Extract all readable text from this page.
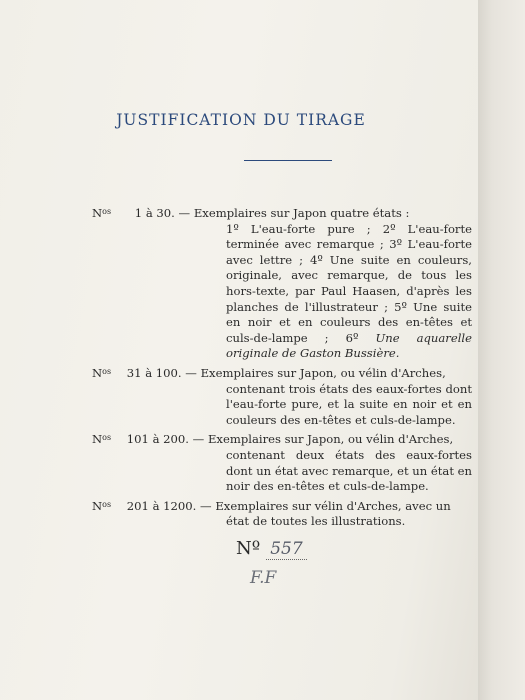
JUSTIFICATION DU TIRAGE
$N^{os}$ 1 à 30. — Exemplaires sur Japon quatre états :
1º L'eau-forte pure ; 2º L'eau-forte terminée avec remarque ; 3º L'eau-forte avec lettre ; 4º Une suite en couleurs, originale, avec remarque, de tous les hors-texte, par Paul Haasen, d'après les planches de l'illustrateur ; 5º Une suite en noir et en couleurs des en-têtes et culs-de-lampe ; 6º Une aquarelle originale de Gaston Bussière.
$N^{os}$ 31 à 100. — Exemplaires sur Japon, ou vélin d'Arches,
contenant trois états des eaux-fortes dont l'eau-forte pure, et la suite en noir et en couleurs des en-têtes et culs-de-lampe.
$N^{os}$ 101 à 200. — Exemplaires sur Japon, ou vélin d'Arches,
contenant deux états des eaux-fortes dont un état avec remarque, et un état en noir des en-têtes et culs-de-lampe.
$N^{os}$ 201 à 1200. — Exemplaires sur vélin d'Arches, avec un
état de toutes les illustrations.
Nº 557
F.F
